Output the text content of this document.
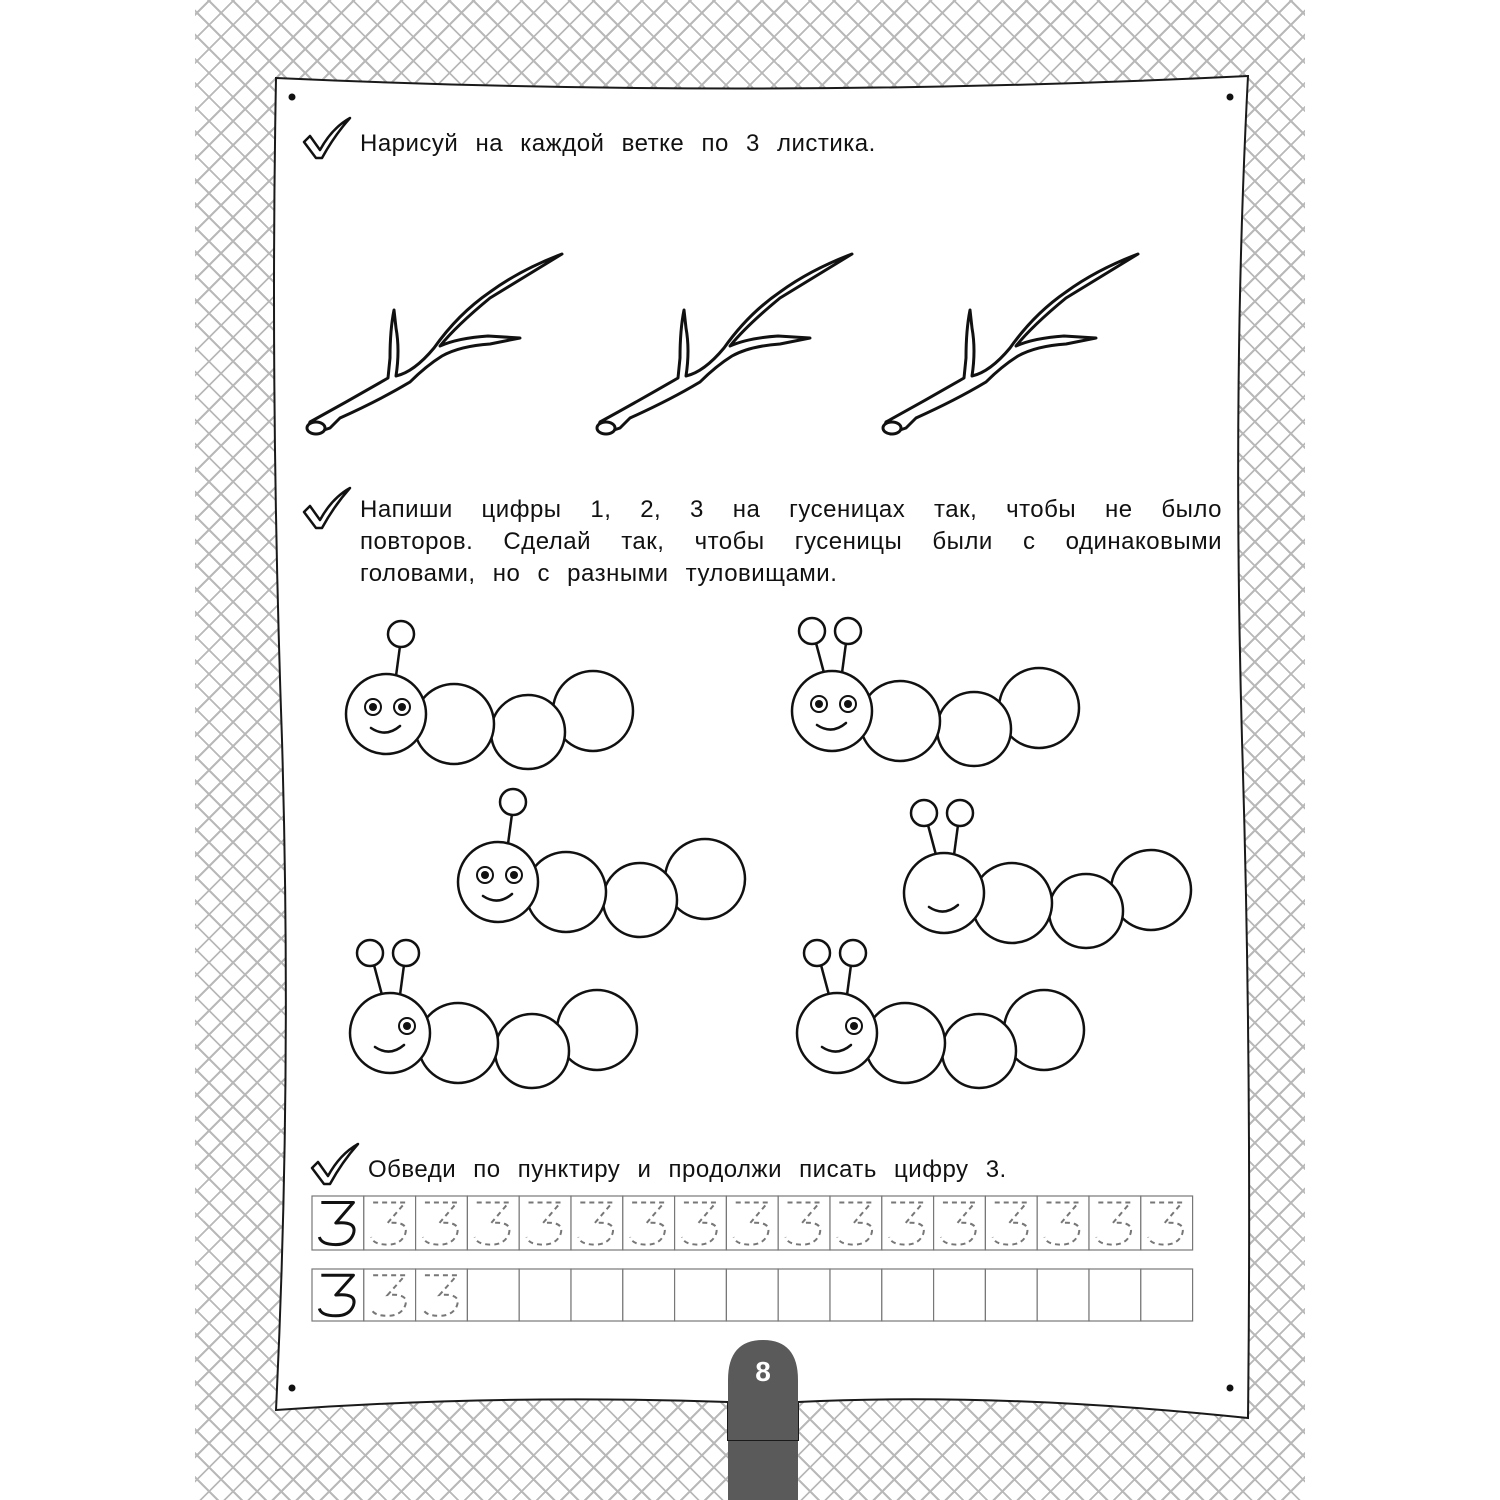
Нарисуй на каждой ветке по 3 листика.
Напиши цифры 1, 2, 3 на гусеницах так, чтобы не было повторов. Сделай так, чтобы гусеницы были с одинаковыми головами, но с разными туловищами.
Обведи по пунктиру и продолжи писать цифру 3.
8
